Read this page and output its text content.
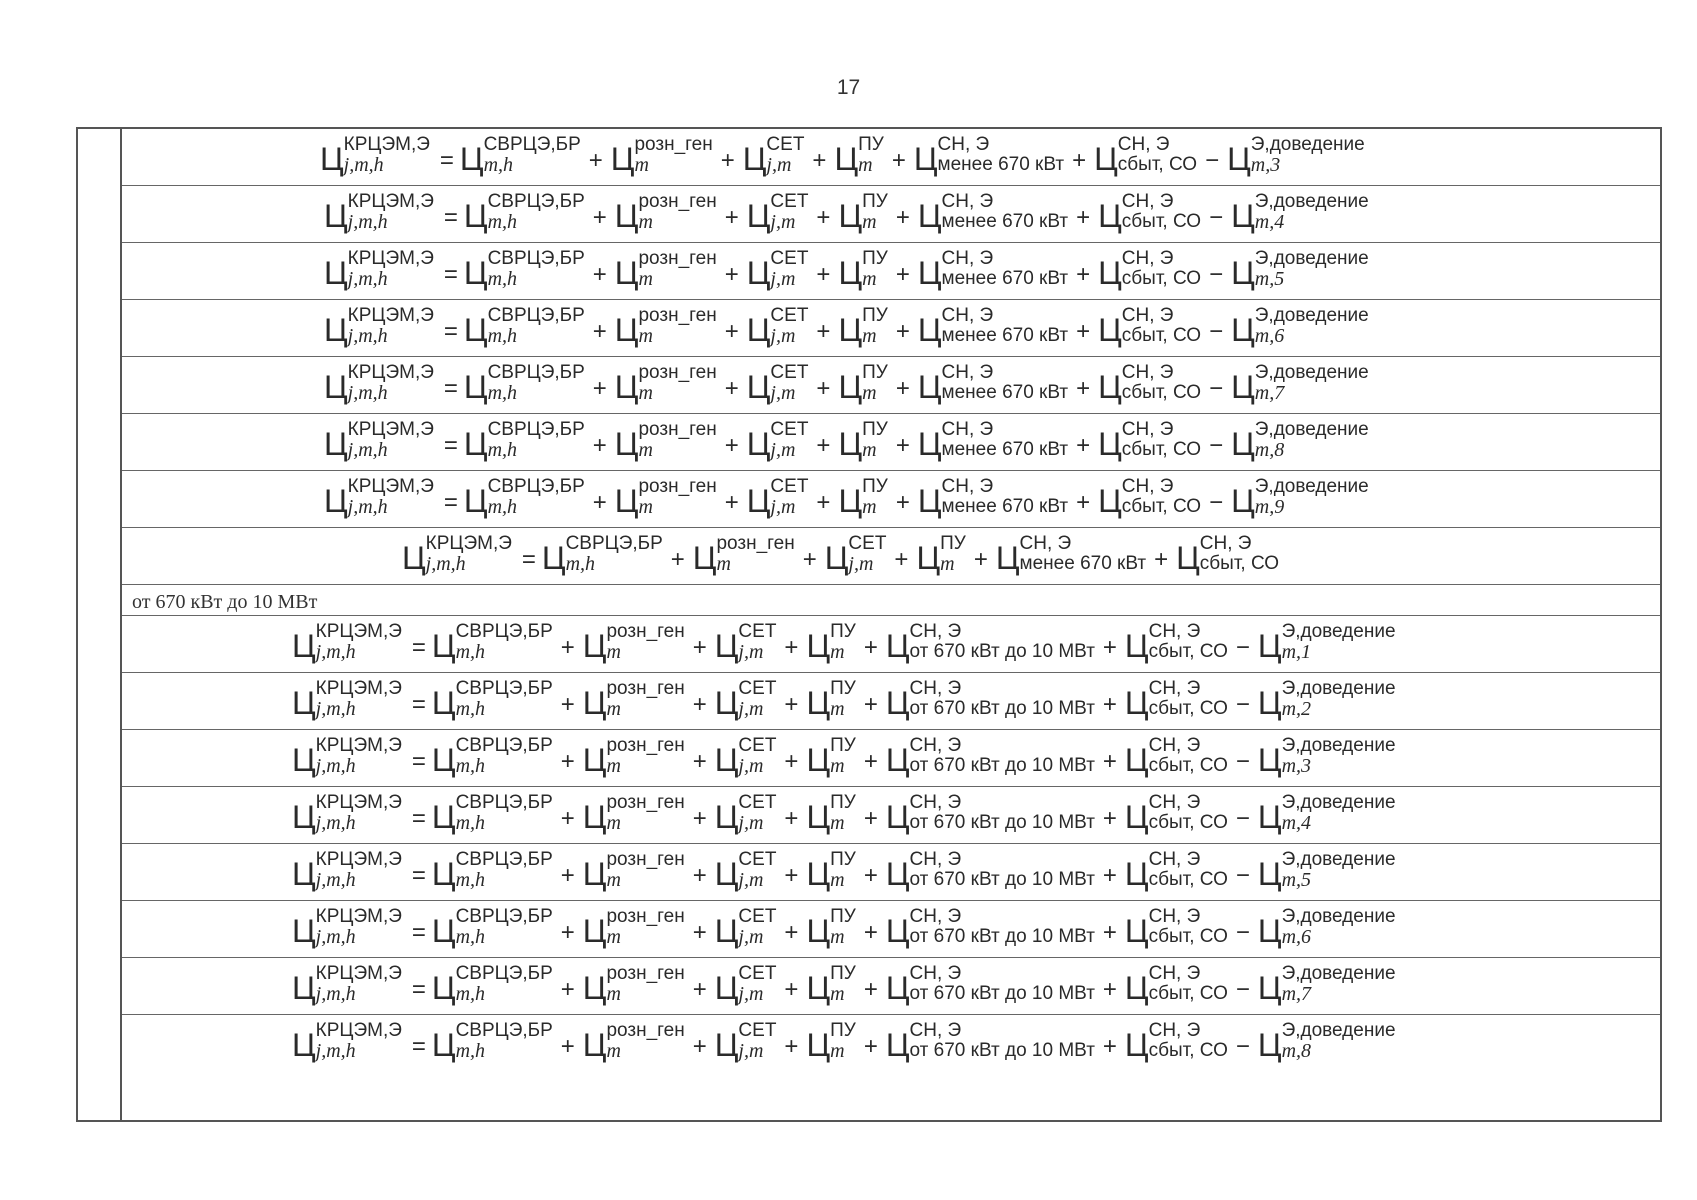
17
Ц КРЦЭМ,Э
j,m,h	= Ц СВРЦЭ,БР
m,h	+ Ц розн_ген
m	+ Ц СЕТ
j,m + Ц ПУ
m + Ц СН, Э
менее 670 кВт + Ц СН, Э
сбыт, СО − Ц Э,доведение
m,3
Ц КРЦЭМ,Э
j,m,h	= Ц СВРЦЭ,БР
m,h	+ Ц розн_ген
m	+ Ц СЕТ
j,m + Ц ПУ
m + Ц СН, Э
менее 670 кВт + Ц СН, Э
сбыт, СО − Ц Э,доведение
m,4
Ц КРЦЭМ,Э
j,m,h	= Ц СВРЦЭ,БР
m,h	+ Ц розн_ген
m	+ Ц СЕТ
j,m + Ц ПУ
m + Ц СН, Э
менее 670 кВт + Ц СН, Э
сбыт, СО − Ц Э,доведение
m,5
Ц КРЦЭМ,Э
j,m,h	= Ц СВРЦЭ,БР
m,h	+ Ц розн_ген
m	+ Ц СЕТ
j,m + Ц ПУ
m + Ц СН, Э
менее 670 кВт + Ц СН, Э
сбыт, СО − Ц Э,доведение
m,6
Ц КРЦЭМ,Э
j,m,h	= Ц СВРЦЭ,БР
m,h	+ Ц розн_ген
m	+ Ц СЕТ
j,m + Ц ПУ
m + Ц СН, Э
менее 670 кВт + Ц СН, Э
сбыт, СО − Ц Э,доведение
m,7
Ц КРЦЭМ,Э
j,m,h	= Ц СВРЦЭ,БР
m,h	+ Ц розн_ген
m	+ Ц СЕТ
j,m + Ц ПУ
m + Ц СН, Э
менее 670 кВт + Ц СН, Э
сбыт, СО − Ц Э,доведение
m,8
Ц КРЦЭМ,Э
j,m,h	= Ц СВРЦЭ,БР
m,h	+ Ц розн_ген
m	+ Ц СЕТ
j,m + Ц ПУ
m + Ц СН, Э
менее 670 кВт + Ц СН, Э
сбыт, СО − Ц Э,доведение
m,9
Ц КРЦЭМ,Э
j,m,h	= Ц СВРЦЭ,БР
m,h	+ Ц розн_ген
m	+ Ц СЕТ
j,m + Ц ПУ
m + Ц СН, Э
менее 670 кВт + Ц СН, Э
сбыт, СО
от 670 кВт до 10 МВт
Ц КРЦЭМ,Э
j,m,h	= Ц СВРЦЭ,БР
m,h	+ Ц розн_ген
m	+ Ц СЕТ
j,m + Ц ПУ
m + Ц СН, Э
от 670 кВт до 10 МВт + Ц СН, Э
сбыт, СО − Ц Э,доведение
m,1
Ц КРЦЭМ,Э
j,m,h	= Ц СВРЦЭ,БР
m,h	+ Ц розн_ген
m	+ Ц СЕТ
j,m + Ц ПУ
m + Ц СН, Э
от 670 кВт до 10 МВт + Ц СН, Э
сбыт, СО − Ц Э,доведение
m,2
Ц КРЦЭМ,Э
j,m,h	= Ц СВРЦЭ,БР
m,h	+ Ц розн_ген
m	+ Ц СЕТ
j,m + Ц ПУ
m + Ц СН, Э
от 670 кВт до 10 МВт + Ц СН, Э
сбыт, СО − Ц Э,доведение
m,3
Ц КРЦЭМ,Э
j,m,h	= Ц СВРЦЭ,БР
m,h	+ Ц розн_ген
m	+ Ц СЕТ
j,m + Ц ПУ
m + Ц СН, Э
от 670 кВт до 10 МВт + Ц СН, Э
сбыт, СО − Ц Э,доведение
m,4
Ц КРЦЭМ,Э
j,m,h	= Ц СВРЦЭ,БР
m,h	+ Ц розн_ген
m	+ Ц СЕТ
j,m + Ц ПУ
m + Ц СН, Э
от 670 кВт до 10 МВт + Ц СН, Э
сбыт, СО − Ц Э,доведение
m,5
Ц КРЦЭМ,Э
j,m,h	= Ц СВРЦЭ,БР
m,h	+ Ц розн_ген
m	+ Ц СЕТ
j,m + Ц ПУ
m + Ц СН, Э
от 670 кВт до 10 МВт + Ц СН, Э
сбыт, СО − Ц Э,доведение
m,6
Ц КРЦЭМ,Э
j,m,h	= Ц СВРЦЭ,БР
m,h	+ Ц розн_ген
m	+ Ц СЕТ
j,m + Ц ПУ
m + Ц СН, Э
от 670 кВт до 10 МВт + Ц СН, Э
сбыт, СО − Ц Э,доведение
m,7
Ц КРЦЭМ,Э
j,m,h	= Ц СВРЦЭ,БР
m,h	+ Ц розн_ген
m	+ Ц СЕТ
j,m + Ц ПУ
m + Ц СН, Э
от 670 кВт до 10 МВт + Ц СН, Э
сбыт, СО − Ц Э,доведение
m,8
